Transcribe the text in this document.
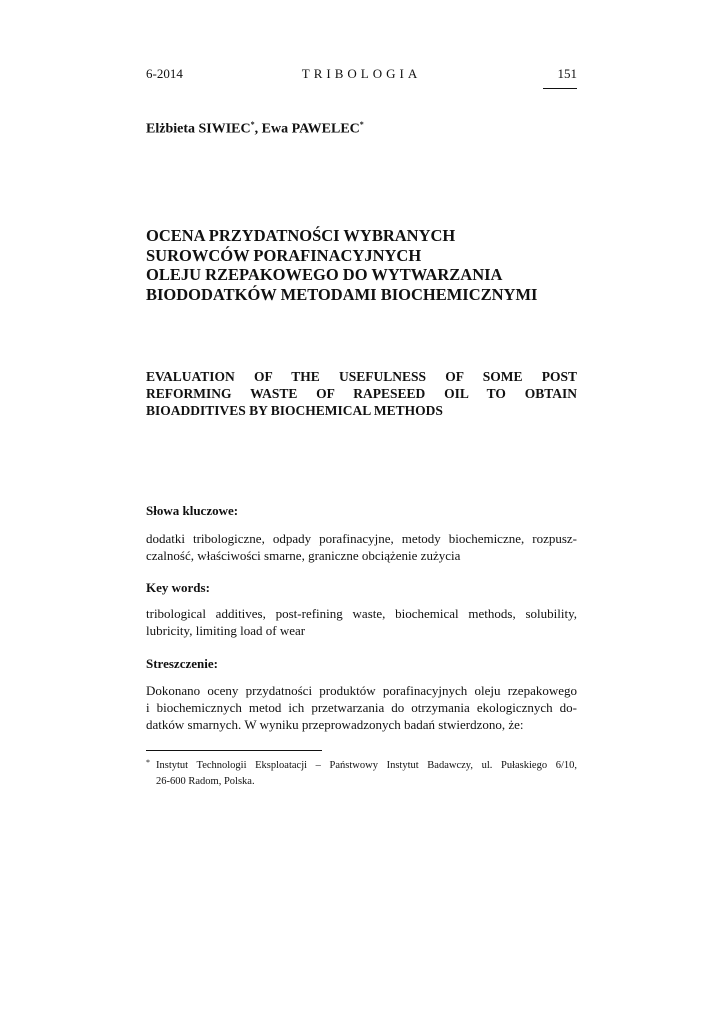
6-2014	TRIBOLOGIA	151
Elżbieta SIWIEC*, Ewa PAWELEC*
OCENA PRZYDATNOŚCI WYBRANYCH
SUROWCÓW PORAFINACYJNYCH
OLEJU RZEPAKOWEGO DO WYTWARZANIA
BIODODATKÓW METODAMI BIOCHEMICZNYMI
EVALUATION OF THE USEFULNESS OF SOME POST
REFORMING WASTE OF RAPESEED OIL TO OBTAIN
BIOADDITIVES BY BIOCHEMICAL METHODS
Słowa kluczowe:
dodatki tribologiczne, odpady porafinacyjne, metody biochemiczne, rozpusz-
czalność, właściwości smarne, graniczne obciążenie zużycia
Key words:
tribological additives, post-refining waste, biochemical methods, solubility,
lubricity, limiting load of wear
Streszczenie:
Dokonano oceny przydatności produktów porafinacyjnych oleju rzepakowego
i biochemicznych metod ich przetwarzania do otrzymania ekologicznych do-
datków smarnych. W wyniku przeprowadzonych badań stwierdzono, że:
* Instytut Technologii Eksploatacji – Państwowy Instytut Badawczy, ul. Pułaskiego 6/10,
26-600 Radom, Polska.
